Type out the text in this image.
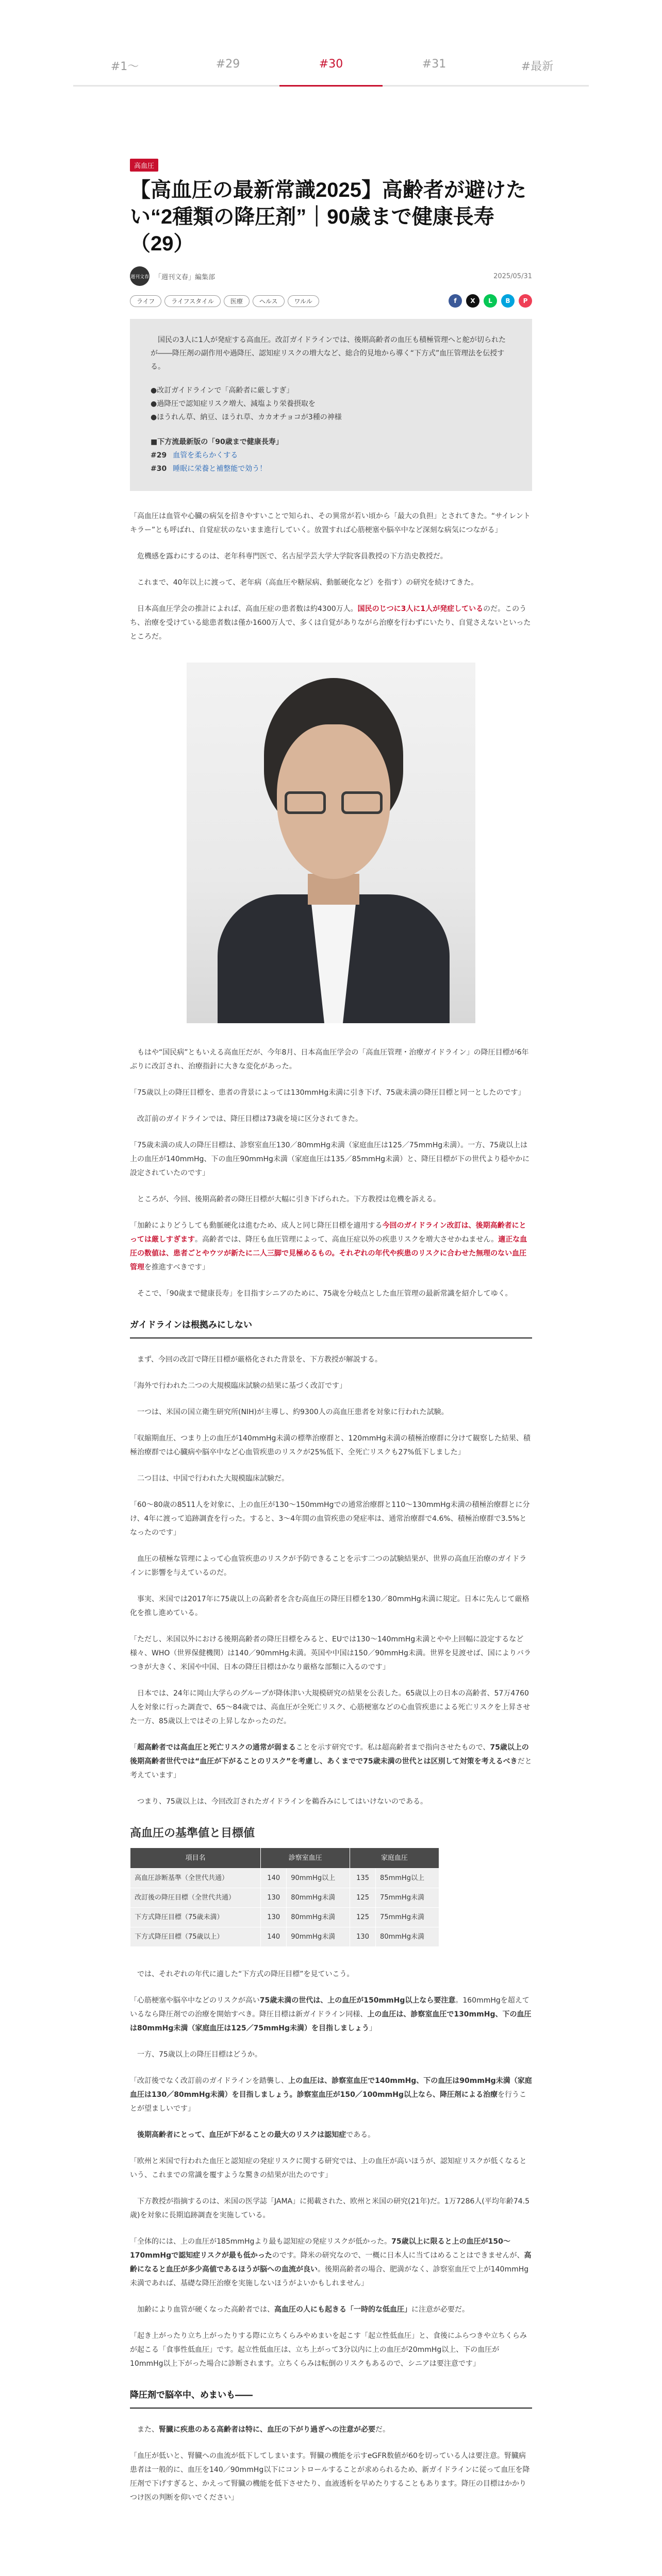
#1〜	#29	#30	#31	#最新
高血圧
【高血圧の最新常識2025】高齢者が避けたい“2種類の降圧剤”｜90歳まで健康長寿（29）
週刊文春 「週刊文春」編集部	2025/05/31
ライフ	ライフスタイル	医療	ヘルス	ワルル	f	X	L	B	P

国民の3人に1人が発症する高血圧。改訂ガイドラインでは、後期高齢者の血圧も積極管理へと舵が切られたが――降圧剤の副作用や過降圧、認知症リスクの増大など、総合的見地から導く“下方式”血圧管理法を伝授する。

●改訂ガイドラインで「高齢者に厳しすぎ」
●過降圧で認知症リスク増大、減塩より栄養摂取を
●ほうれん草、納豆、ほうれ草、カカオチョコが3種の神様
■下方流最新版の「90歳まで健康長寿」
#29 血管を柔らかくする
#30 睡眠に栄養と補整能で効う！

「高血圧は血管や心臓の病気を招きやすいことで知られ、その異常が若い頃から「最大の負担」とされてきた。“サイレントキラー”とも呼ばれ、自覚症状のないまま進行していく。放置すれば心筋梗塞や脳卒中など深刻な病気につながる」

危機感を露わにするのは、老年科専門医で、名古屋学芸大学大学院客員教授の下方浩史教授だ。

これまで、40年以上に渡って、老年病（高血圧や糖尿病、動脈硬化など）を指す）の研究を続けてきた。

日本高血圧学会の推計によれば、高血圧症の患者数は約4300万人。国民のじつに3人に1人が発症しているのだ。このうち、治療を受けている総患者数は僅か1600万人で、多くは自覚がありながら治療を行わずにいたり、自覚さえないといったところだ。

もはや“国民病”ともいえる高血圧だが、今年8月、日本高血圧学会の「高血圧管理・治療ガイドライン」の降圧目標が6年ぶりに改訂され、治療指針に大きな変化があった。

「75歳以上の降圧目標を、患者の背景によっては130mmHg未満に引き下げ、75歳未満の降圧目標と同一としたのです」

改訂前のガイドラインでは、降圧目標は73歳を境に区分されてきた。

「75歳未満の成人の降圧目標は、診察室血圧130／80mmHg未満（家庭血圧は125／75mmHg未満）。一方、75歳以上は上の血圧が140mmHg、下の血圧90mmHg未満（家庭血圧は135／85mmHg未満）と、降圧目標が下の世代より穏やかに設定されていたのです」

ところが、今回、後期高齢者の降圧目標が大幅に引き下げられた。下方教授は危機を訴える。

「加齢によりどうしても動脈硬化は進むため、成人と同じ降圧目標を適用する今回のガイドライン改訂は、後期高齢者にとっては厳しすぎます。高齢者では、降圧も血圧管理によって、高血圧症以外の疾患リスクを増大させかねません。適正な血圧の数値は、患者ごとやウツが新たに二人三脚で見極めるもの。それぞれの年代や疾患のリスクに合わせた無理のない血圧管理を推進すべきです」

そこで、「90歳まで健康長寿」を目指すシニアのために、75歳を分岐点とした血圧管理の最新常識を紹介してゆく。

ガイドラインは根拠みにしない

まず、今回の改訂で降圧目標が厳格化された背景を、下方教授が解説する。

「海外で行われた二つの大規模臨床試験の結果に基づく改訂です」

一つは、米国の国立衛生研究所(NIH)が主導し、約9300人の高血圧患者を対象に行われた試験。

「収縮期血圧、つまり上の血圧が140mmHg未満の標準治療群と、120mmHg未満の積極治療群に分けて観察した結果、積極治療群では心臓病や脳卒中など心血管疾患のリスクが25%低下、全死亡リスクも27%低下しました」

二つ目は、中国で行われた大規模臨床試験だ。

「60～80歳の8511人を対象に、上の血圧が130～150mmHgでの通常治療群と110～130mmHg未満の積極治療群とに分け、4年に渡って追跡調査を行った。すると、3～4年間の血管疾患の発症率は、通常治療群で4.6%、積極治療群で3.5%となったのです」

血圧の積極な管理によって心血管疾患のリスクが予防できることを示す二つの試験結果が、世界の高血圧治療のガイドラインに影響を与えているのだ。

事実、米国では2017年に75歳以上の高齢者を含む高血圧の降圧目標を130／80mmHg未満に規定。日本に先んじて厳格化を推し進めている。

「ただし、米国以外における後期高齢者の降圧目標をみると、EUでは130～140mmHg未満とやや上回幅に設定するなど様々、WHO（世界保健機関）は140／90mmHg未満。英国や中国は150／90mmHg未満。世界を見渡せば、国によりバラつきが大きく、米国や中国、日本の降圧目標はかなり厳格な部類に入るのです」

日本では、24年に岡山大学らのグループが降体津い大規模研究の結果を公表した。65歳以上の日本の高齢者、57万4760人を対象に行った調査で、65～84歳では、高血圧が全死亡リスク、心筋梗塞などの心血管疾患による死亡リスクを上昇させた一方、85歳以上ではその上昇しなかったのだ。

「超高齢者では高血圧と死亡リスクの通常が弱まることを示す研究です。私は超高齢者まで指向させたもので、75歳以上の後期高齢者世代では“血圧が下がることのリスク”を考慮し、あくまでで75歳未満の世代とは区別して対策を考えるべきだと考えています」

つまり、75歳以上は、今回改訂されたガイドラインを鵜呑みにしてはいけないのである。

高血圧の基準値と目標値
項目名	診察室血圧		家庭血圧	
高血圧診断基準（全世代共通）	140	90mmHg以上	135	85mmHg以上
改訂後の降圧目標（全世代共通）	130	80mmHg未満	125	75mmHg未満
下方式降圧目標（75歳未満）	130	80mmHg未満	125	75mmHg未満
下方式降圧目標（75歳以上）	140	90mmHg未満	130	80mmHg未満

では、それぞれの年代に適した“下方式の降圧目標”を見ていこう。

「心筋梗塞や脳卒中などのリスクが高い75歳未満の世代は、上の血圧が150mmHg以上なら要注意。160mmHgを超えているなら降圧剤での治療を開始すべき。降圧目標は新ガイドライン同様、上の血圧は、診察室血圧で130mmHg、下の血圧は80mmHg未満（家庭血圧は125／75mmHg未満）を目指しましょう」

一方、75歳以上の降圧目標はどうか。

「改訂後でなく改訂前のガイドラインを踏襲し、上の血圧は、診察室血圧で140mmHg、下の血圧は90mmHg未満（家庭血圧は130／80mmHg未満）を目指しましょう。診察室血圧が150／100mmHg以上なら、降圧剤による治療を行うことが望ましいです」

後期高齢者にとって、血圧が下がることの最大のリスクは認知症である。

「欧州と米国で行われた血圧と認知症の発症リスクに関する研究では、上の血圧が高いほうが、認知症リスクが低くなるという、これまでの常識を覆すような驚きの結果が出たのです」

下方教授が指摘するのは、米国の医学誌「JAMA」に掲載された、欧州と米国の研究(21年)だ。1万7286人(平均年齢74.5歳)を対象に長期追跡調査を実施している。

「全体的には、上の血圧が185mmHgより最も認知症の発症リスクが低かった。75歳以上に限ると上の血圧が150～170mmHgで認知症リスクが最も低かったのです。降米の研究なので、一概に日本人に当てはめることはできませんが、高齢になると血圧が多少高値であるほうが脳への血流が良い。後期高齢者の場合、肥満がなく、診察室血圧で上が140mmHg未満であれば、基礎な降圧治療を実施しないほうがよいかもしれません」

加齢により血管が硬くなった高齢者では、高血圧の人にも起きる「一時的な低血圧」に注意が必要だ。

「起き上がったり立ち上がったりする際に立ちくらみやめまいを起こす「起立性低血圧」と、食後にふらつきや立ちくらみが起こる「食事性低血圧」です。起立性低血圧は、立ち上がって3分以内に上の血圧が20mmHg以上、下の血圧が10mmHg以上下がった場合に診断されます。立ちくらみは転倒のリスクもあるので、シニアは要注意です」

降圧剤で脳卒中、めまいも――

また、腎臓に疾患のある高齢者は特に、血圧の下がり過ぎへの注意が必要だ。

「血圧が低いと、腎臓への血流が低下してしまいます。腎臓の機能を示すeGFR数値が60を切っている人は要注意。腎臓病患者は一般的に、血圧を140／90mmHg以下にコントロールすることが求められるため、新ガイドラインに従って血圧を降圧剤で下げすぎると、かえって腎臓の機能を低下させたり、血液透析を早めたりすることもあります。降圧の目標はかかりつけ医の判断を仰いでください」
